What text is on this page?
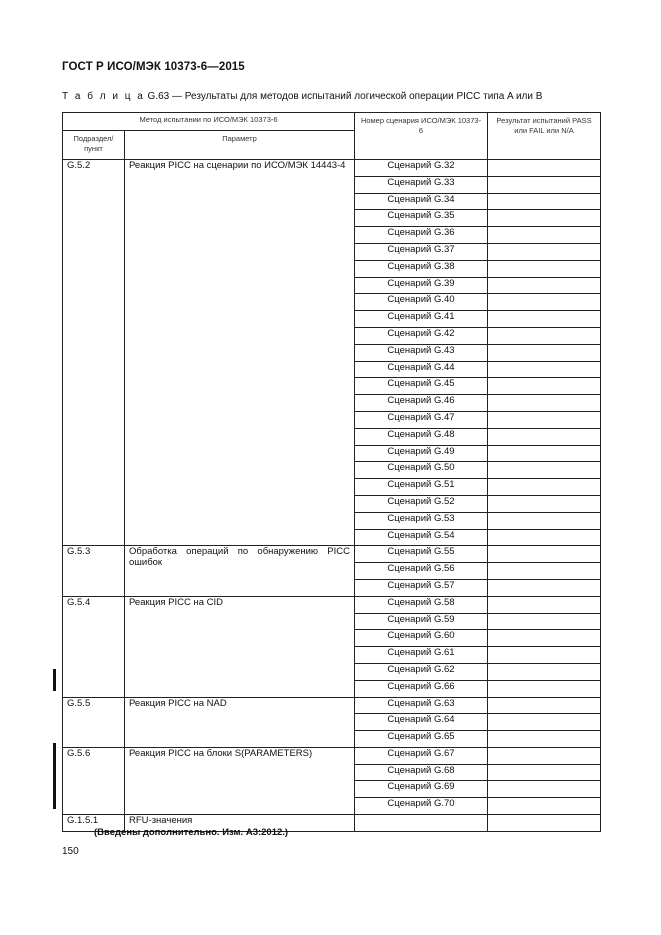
ГОСТ Р ИСО/МЭК 10373-6—2015
Т а б л и ц а G.63 — Результаты для методов испытаний логической операции PICC типа A или B
Метод испытании по ИСО/МЭК 10373-6		Номер сценария ИСО/МЭК 10373-6	Результат испытаний PASS или FAIL или N/A
Подраздел/ пункт	Параметр		
G.5.2	Реакция PICC на сценарии по ИСО/МЭК 14443-4	Сценарий G.32	
		Сценарий G.33	
		Сценарий G.34	
		Сценарий G.35	
		Сценарий G.36	
		Сценарий G.37	
		Сценарий G.38	
		Сценарий G.39	
		Сценарий G.40	
		Сценарий G.41	
		Сценарий G.42	
		Сценарий G.43	
		Сценарий G.44	
		Сценарий G.45	
		Сценарий G.46	
		Сценарий G.47	
		Сценарий G.48	
		Сценарий G.49	
		Сценарий G.50	
		Сценарий G.51	
		Сценарий G.52	
		Сценарий G.53	
		Сценарий G.54	
G.5.3	Обработка операций по обнаружению PICC ошибок	Сценарий G.55	
		Сценарий G.56	
		Сценарий G.57	
G.5.4	Реакция PICC на CID	Сценарий G.58	
		Сценарий G.59	
		Сценарий G.60	
		Сценарий G.61	
		Сценарий G.62	
		Сценарий G.66	
G.5.5	Реакция PICC на NAD	Сценарий G.63	
		Сценарий G.64	
		Сценарий G.65	
G.5.6	Реакция PICC на блоки S(PARAMETERS)	Сценарий G.67	
		Сценарий G.68	
		Сценарий G.69	
		Сценарий G.70	
G.1.5.1	RFU-значения		
(Введены дополнительно. Изм. А3:2012.)
150
